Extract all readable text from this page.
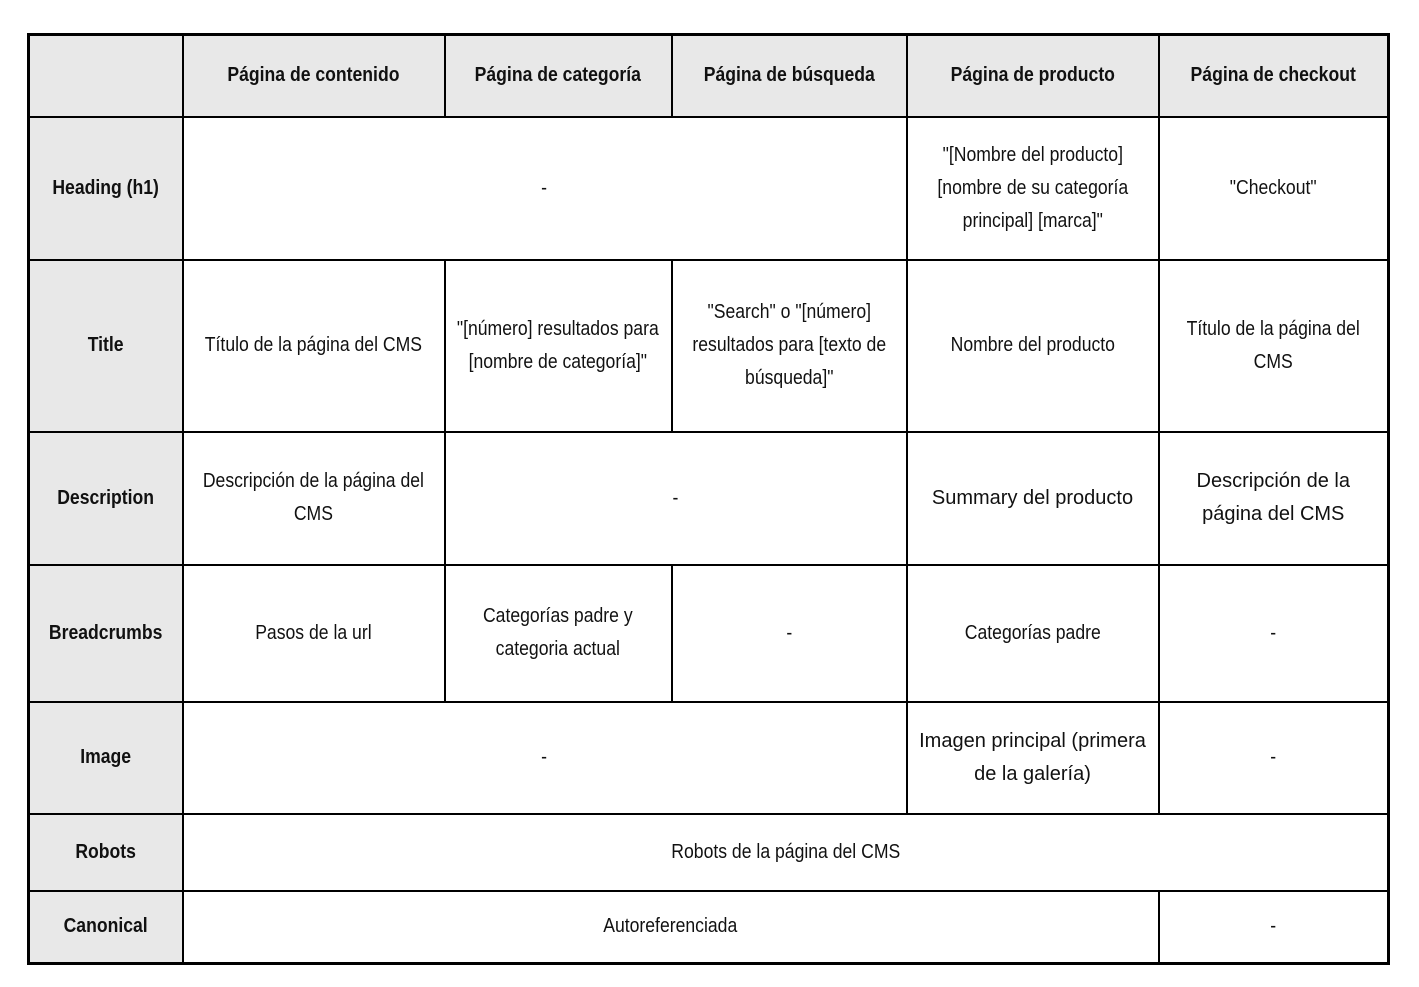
	Página de contenido	Página de categoría	Página de búsqueda	Página de producto	Página de checkout
Heading (h1)	-			"[Nombre del producto] [nombre de su categoría principal] [marca]"	"Checkout"
Title	Título de la página del CMS	"[número] resultados para [nombre de categoría]"	"Search" o "[número] resultados para [texto de búsqueda]"	Nombre del producto	Título de la página del CMS
Description	Descripción de la página del CMS	-		Summary del producto	Descripción de la página del CMS
Breadcrumbs	Pasos de la url	Categorías padre y categoria actual	-	Categorías padre	-
Image	-			Imagen principal (primera de la galería)	-
Robots	Robots de la página del CMS				
Canonical	Autoreferenciada				-
